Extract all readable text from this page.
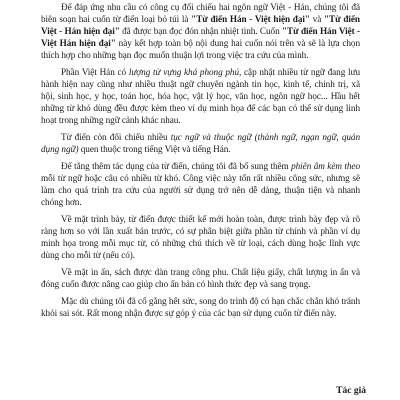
Để đáp ứng nhu cầu có công cụ đối chiếu hai ngôn ngữ Việt - Hán, chúng tôi đã biên soạn hai cuốn từ điển loại bỏ túi là "Từ điển Hán - Việt hiện đại" và "Từ điển Việt - Hán hiện đại" đã được bạn đọc đón nhận nhiệt tình. Cuốn "Từ điển Hán Việt - Việt Hán hiện đại" này kết hợp toàn bộ nội dung hai cuốn nói trên và sẽ là lựa chọn thích hợp cho những bạn đọc muốn thuận lợi trong việc tra cứu của mình.

Phần Việt Hán có lượng từ vựng khá phong phú, cập nhật nhiều từ ngữ đang lưu hành hiện nay cũng như nhiều thuật ngữ chuyên ngành tin học, kinh tế, chính trị, xã hội, sinh học, y học, toán học, hóa học, vật lý học, văn học, ngôn ngữ học... Hầu hết những từ khó dùng đều được kèm theo ví dụ minh họa để các bạn có thể sử dụng linh hoạt trong những ngữ cảnh khác nhau.

Từ điển còn đối chiếu nhiều tục ngữ và thuộc ngữ (thành ngữ, ngạn ngữ, quán dụng ngữ) quen thuộc trong tiếng Việt và tiếng Hán.

Để tăng thêm tác dụng của từ điển, chúng tôi đã bổ sung thêm phiên âm kèm theo mỗi từ ngữ hoặc câu có nhiều từ khó. Công việc này tốn rất nhiều công sức, nhưng sẽ làm cho quá trình tra cứu của người sử dụng trở nên dễ dàng, thuận tiện và nhanh chóng hơn.

Về mặt trình bày, từ điển được thiết kế mới hoàn toàn, được trình bày đẹp và rõ ràng hơn so với lần xuất bản trước, có sự phân biệt giữa phần từ chính và phần ví dụ minh họa trong mỗi mục từ, có những chú thích về từ loại, cách dùng hoặc lĩnh vực dùng cho mỗi từ (nếu có).

Về mặt in ấn, sách được dàn trang công phu. Chất liệu giấy, chất lượng in ấn và đóng cuốn được nâng cao giúp cho ấn bản có hình thức đẹp và sang trọng.

Mặc dù chúng tôi đã cố gắng hết sức, song do trình độ có hạn chắc chắn khó tránh khỏi sai sót. Rất mong nhận được sự góp ý của các bạn sử dụng cuốn từ điển này.

Tác giả
